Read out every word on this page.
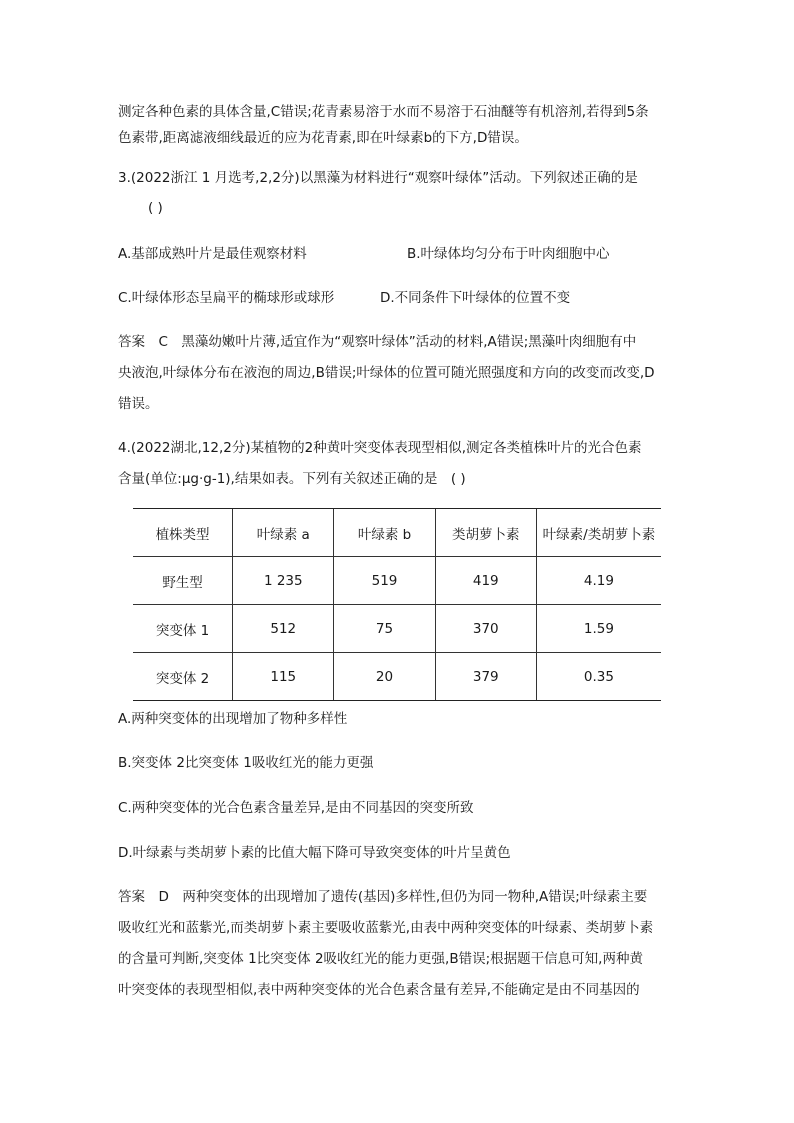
测定各种色素的具体含量,C错误;花青素易溶于水而不易溶于石油醚等有机溶剂,若得到5条
色素带,距离滤液细线最近的应为花青素,即在叶绿素b的下方,D错误。
3.(2022浙江 1 月选考,2,2分)以黑藻为材料进行“观察叶绿体”活动。下列叙述正确的是
( )
A.基部成熟叶片是最佳观察材料	B.叶绿体均匀分布于叶肉细胞中心
C.叶绿体形态呈扁平的椭球形或球形	D.不同条件下叶绿体的位置不变
答案　C　黑藻幼嫩叶片薄,适宜作为“观察叶绿体”活动的材料,A错误;黑藻叶肉细胞有中
央液泡,叶绿体分布在液泡的周边,B错误;叶绿体的位置可随光照强度和方向的改变而改变,D
错误。
4.(2022湖北,12,2分)某植物的2种黄叶突变体表现型相似,测定各类植株叶片的光合色素
含量(单位:μg·g-1),结果如表。下列有关叙述正确的是　( )
植株类型	叶绿素 a	叶绿素 b	类胡萝卜素	叶绿素/类胡萝卜素
野生型	1 235	519	419	4.19
突变体 1	512	75	370	1.59
突变体 2	115	20	379	0.35
A.两种突变体的出现增加了物种多样性
B.突变体 2比突变体 1吸收红光的能力更强
C.两种突变体的光合色素含量差异,是由不同基因的突变所致
D.叶绿素与类胡萝卜素的比值大幅下降可导致突变体的叶片呈黄色
答案　D　两种突变体的出现增加了遗传(基因)多样性,但仍为同一物种,A错误;叶绿素主要
吸收红光和蓝紫光,而类胡萝卜素主要吸收蓝紫光,由表中两种突变体的叶绿素、类胡萝卜素
的含量可判断,突变体 1比突变体 2吸收红光的能力更强,B错误;根据题干信息可知,两种黄
叶突变体的表现型相似,表中两种突变体的光合色素含量有差异,不能确定是由不同基因的
